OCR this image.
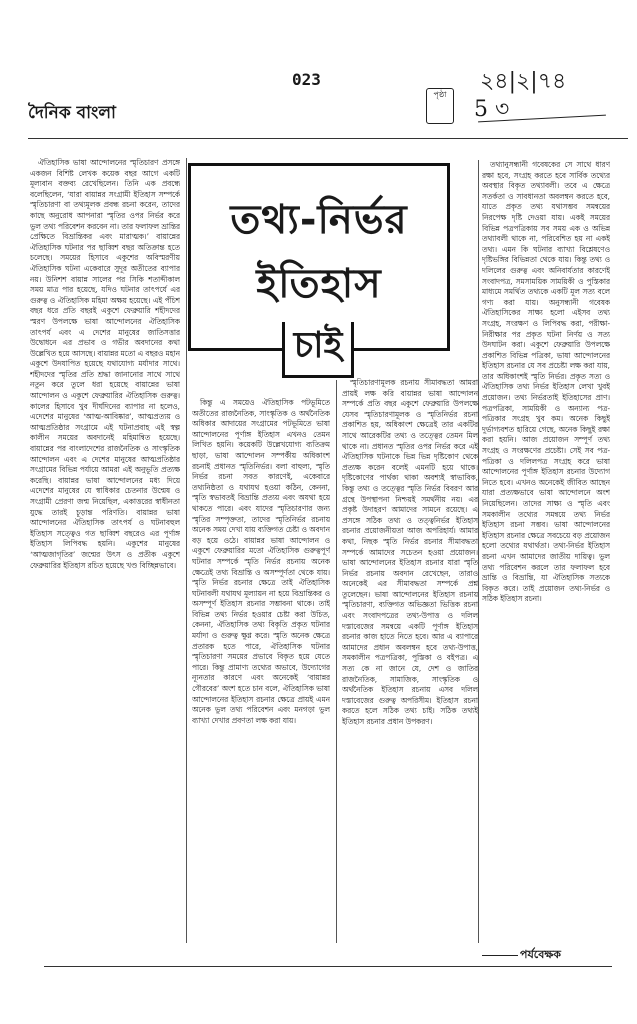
দৈনিক বাংলা
023
পৃষ্ঠা
২৪|২|৭৪
5 ৩

ঐতিহাসিক ভাষা আন্দোলনের স্মৃতিচারণ প্রসঙ্গে একজন বিশিষ্ট লেখক কয়েক বছর আগে একটি মূল্যবান বক্তব্য রেখেছিলেন। তিনি এক প্রবন্ধে বলেছিলেন, ‘যারা বায়ান্নর সংগ্রামী ইতিহাস সম্পর্কে স্মৃতিচারণা বা তথ্যমূলক প্রবন্ধ রচনা করেন, তাদের কাছে অনুরোধ আপনারা স্মৃতির ওপর নির্ভর করে ভুল তথ্য পরিবেশন করবেন না। তার ফলাফল ভ্রান্তির প্রেক্ষিতে বিভ্রান্তিকর এবং মারাত্মক।’ বায়ান্নের ঐতিহাসিক ঘটনার পর ছাব্বিশ বছর অতিক্রান্ত হতে চলেছে। সময়ের হিসাবে একুশের অবিস্মরণীয় ঐতিহাসিক ঘটনা একেবারে সুদূর অতীতের ব্যাপার নয়। উনিশশ বায়ান্ন সালের পর সিকি শতাব্দীকাল সময় মাত্র পার হয়েছে, যদিও ঘটনার তাৎপর্যে এর গুরুত্ব ও ঐতিহাসিক মহিমা অক্ষয় হয়েছে। এই পঁচিশ বছর ধরে প্রতি বছরই একুশে ফেব্রুয়ারি শহীদদের স্মরণ উপলক্ষে ভাষা আন্দোলনের ঐতিহাসিক তাৎপর্য এবং এ দেশের মানুষের জাতিসত্তার উদ্বোধনে এর প্রভাব ও গভীর অবদানের কথা উল্লেখিত হয়ে আসছে। বায়ান্নর মতো এ বছরও মহান একুশে উদযাপিত হয়েছে যথাযোগ্য মর্যাদার সাথে। শহীদদের স্মৃতির প্রতি শ্রদ্ধা জানানোর সাথে সাথে নতুন করে তুলে ধরা হয়েছে বায়ান্নের ভাষা আন্দোলন ও একুশে ফেব্রুয়ারির ঐতিহাসিক গুরুত্ব। কালের হিসাবে খুব দীর্ঘদিনের ব্যাপার না হলেও, এদেশের মানুষের ‘আত্ম-আবিষ্কার’, আত্মপ্রত্যয় ও আত্মপ্রতিষ্ঠার সংগ্রামে এই ঘটনাপ্রবাহ এই স্বল্প কালীন সময়ের অবদানেই মহিমান্বিত হয়েছে। বায়ান্নের পর বাংলাদেশের রাজনৈতিক ও সাংস্কৃতিক আন্দোলন এবং এ দেশের মানুষের আত্মপ্রতিষ্ঠার সংগ্রামের বিভিন্ন পর্যায়ে আমরা এই অনুভূতি প্রত্যক্ষ করেছি। বায়ান্নর ভাষা আন্দোলনের মধ্য দিয়ে এদেশের মানুষের যে স্বাধিকার চেতনার উন্মেষ ও সংগ্রামী প্রেরণা জন্ম নিয়েছিল, একাত্তরের স্বাধীনতা যুদ্ধে তারই চূড়ান্ত পরিণতি। বায়ান্নর ভাষা আন্দোলনের ঐতিহাসিক তাৎপর্য ও ঘটনাবহুল ইতিহাস সত্ত্বেও গত ছাব্বিশ বছরেও এর পূর্ণাঙ্গ ইতিহাস লিপিবদ্ধ হয়নি। একুশের মানুষের ‘আত্মজাগৃতির’ জন্মের উৎস ও প্রতীক একুশে ফেব্রুয়ারির ইতিহাস রচিত হয়েছে খণ্ড বিচ্ছিন্নভাবে।

কিন্তু এ সময়েও ঐতিহাসিক পটভূমিতে অতীতের রাজনৈতিক, সাংস্কৃতিক ও অর্থনৈতিক অধিকার আদায়ের সংগ্রামের পটভূমিতে ভাষা আন্দোলনের পূর্ণাঙ্গ ইতিহাস এখনও তেমন লিখিত হয়নি। কয়েকটি উল্লেখযোগ্য ব্যতিক্রম ছাড়া, ভাষা আন্দোলন সম্পর্কীয় অধিকাংশ রচনাই প্রধানত স্মৃতিনির্ভর। বলা বাহুল্য, স্মৃতি নির্ভর রচনা সবত কারণেই, একেবারে তথ্যনিষ্ঠতা ও যথাযথ হওয়া কঠিন, কেননা, স্মৃতি স্বভাবতই বিভ্রান্তি প্রত্যয় এবং অযথা হয়ে থাকতে পারে। এবং যাদের স্মৃতিচারণার জন্য স্মৃতির সম্পৃক্ততা, তাদের স্মৃতিনির্ভর রচনায় অনেক সময় দেখা যায় ব্যক্তিগত চেষ্টা ও অবদান বড় হয়ে ওঠে। বায়ান্নর ভাষা আন্দোলন ও একুশে ফেব্রুয়ারির মতো ঐতিহাসিক গুরুত্বপূর্ণ ঘটনার সম্পর্কে স্মৃতি নির্ভর রচনায় অনেক ক্ষেত্রেই তথ্য বিভ্রান্তি ও অসম্পূর্ণতা থেকে যায়। স্মৃতি নির্ভর রচনার ক্ষেত্রে তাই ঐতিহাসিক ঘটনাবলী যথাযথ মূল্যায়ন না হয়ে বিভ্রান্তিকর ও অসম্পূর্ণ ইতিহাস রচনার সম্ভাবনা থাকে। তাই বিভিন্ন তথ্য নির্ভর হওয়ার চেষ্টা করা উচিত, কেননা, ঐতিহাসিক তথ্য বিকৃতি প্রকৃত ঘটনার মর্যাদা ও গুরুত্ব ক্ষুণ্ণ করে। স্মৃতি অনেক ক্ষেত্রে প্রতারক হতে পারে, ঐতিহাসিক ঘটনার স্মৃতিচারণা সময়ের প্রভাবে বিকৃত হয়ে যেতে পারে। কিন্তু প্রামাণ্য তথ্যের অভাবে, উদ্যোগের ন্যূনতার কারণে এবং অনেকেই ‘বায়ান্নর গৌরবের’ অংশ হতে চান বলে, ঐতিহাসিক ভাষা আন্দোলনের ইতিহাস রচনার ক্ষেত্রে প্রায়ই এমন অনেক ভুল তথ্য পরিবেশন এবং মনগড়া ভুল ব্যাখ্যা দেখার প্রবণতা লক্ষ করা যায়।

স্মৃতিচারণামূলক রচনায় সীমাবদ্ধতা আমরা প্রায়ই লক্ষ করি বায়ান্নর ভাষা আন্দোলন সম্পর্কে প্রতি বছর একুশে ফেব্রুয়ারি উপলক্ষে যেসব স্মৃতিচারণামূলক ও স্মৃতিনির্ভর রচনা প্রকাশিত হয়, অধিকাংশ ক্ষেত্রেই তার একটির সাথে আরেকটির তথ্য ও তত্ত্বের তেমন মিল থাকে না। প্রধানত স্মৃতির ওপর নির্ভর করে এই ঐতিহাসিক ঘটনাকে ভিন্ন ভিন্ন দৃষ্টিকোণ থেকে প্রত্যক্ষ করেন বলেই এমনটি হয়ে থাকে। দৃষ্টিকোণের পার্থক্য থাকা অবশ্যই স্বাভাবিক, কিন্তু তথ্য ও তত্ত্বের স্মৃতি নির্ভর বিবরণ আর গ্রন্থে উপস্থাপনা নিশ্চয়ই সমর্থনীয় নয়। এর প্রকৃষ্ট উদাহরণ আমাদের সামনে রয়েছে। এ প্রসঙ্গে সঠিক তথ্য ও তত্ত্বনির্ভর ইতিহাস রচনার প্রয়োজনীয়তা আজ অপরিহার্য। আমার কথা, নিছক স্মৃতি নির্ভর রচনার সীমাবদ্ধতা সম্পর্কে আমাদের সচেতন হওয়া প্রয়োজন। ভাষা আন্দোলনের ইতিহাস রচনার যারা স্মৃতি নির্ভর রচনায় অবদান রেখেছেন, তারাও অনেকেই এর সীমাবদ্ধতা সম্পর্কে প্রশ্ন তুলেছেন। ভাষা আন্দোলনের ইতিহাস রচনায় স্মৃতিচারণা, ব্যক্তিগত অভিজ্ঞতা ভিত্তিক রচনা এবং সংবাদপত্রের তথ্য-উপাত্ত ও দলিল দস্তাবেজের সমন্বয়ে একটি পূর্ণাঙ্গ ইতিহাস রচনার কাজ হাতে নিতে হবে। আর এ ব্যাপারে আমাদের প্রধান অবলম্বন হবে তথ্য-উপাত্ত, সমকালীন পত্রপত্রিকা, পুস্তিকা ও বইপত্র। এ সত্য কে না জানে যে, দেশ ও জাতির রাজনৈতিক, সামাজিক, সাংস্কৃতিক ও অর্থনৈতিক ইতিহাস রচনায় এসব দলিল দস্তাবেজের গুরুত্ব অপরিসীম। ইতিহাস রচনা করতে হলে সঠিক তথ্য চাই। সঠিক তথ্যই ইতিহাস রচনার প্রধান উপকরণ।

তথ্যানুসন্ধানী গবেষকের সে সাথে ধারণ রক্ষা হবে, সংগ্রহ করতে হবে সার্বিক তথ্যের অবস্থার বিকৃত তথ্যাবলী। তবে এ ক্ষেত্রে সতর্কতা ও সাবধানতা অবলম্বন করতে হবে, যাতে প্রকৃত তথ্য যথাসম্ভব সমন্বয়ের নিরপেক্ষ দৃষ্টি দেওয়া যায়। একই সময়ের বিভিন্ন পত্রপত্রিকায় সব সময় এক ও অভিন্ন তথ্যাবলী থাকে না, পরিবেশিত হয় না একই তথ্য। এমন কি ঘটনার ব্যাখ্যা বিশ্লেষণেও দৃষ্টিভঙ্গির বিভিন্নতা থেকে যায়। কিন্তু তথ্য ও দলিলের গুরুত্ব এবং অনিবার্যতার কারণেই সংবাদপত্র, সমসাময়িক সাময়িকী ও পুস্তিকার মাধ্যমে সমর্থিত তথ্যকে একটি মূল সত্য বলে গণ্য করা যায়। অনুসন্ধানী গবেষক ঐতিহাসিকের সাক্ষ্য হলো এইসব তথ্য সংগ্রহ, সংরক্ষণ ও লিপিবদ্ধ করা, পরীক্ষা-নিরীক্ষার পর প্রকৃত ঘটনা নির্ণয় ও সত্য উদঘাটন করা। একুশে ফেব্রুয়ারি উপলক্ষে প্রকাশিত বিভিন্ন পত্রিকা, ভাষা আন্দোলনের ইতিহাস রচনার যে সব প্রচেষ্টা লক্ষ করা যায়, তার অধিকাংশই স্মৃতি নির্ভর। প্রকৃত সত্য ও ঐতিহাসিক তথ্য নির্ভর ইতিহাস লেখা খুবই প্রয়োজন। তথ্য নির্ভরতাই ইতিহাসের প্রাণ। পত্রপত্রিকা, সাময়িকী ও অন্যান্য পত্র-পত্রিকার সংগ্রহ খুব কম। অনেক কিছুই দুর্ভাগ্যবশত হারিয়ে গেছে, অনেক কিছুই রক্ষা করা হয়নি। আজ প্রয়োজন সম্পূর্ণ তথ্য সংগ্রহ ও সংরক্ষণের প্রচেষ্টা। সেই সব পত্র-পত্রিকা ও দলিলপত্র সংগ্রহ করে ভাষা আন্দোলনের পূর্ণাঙ্গ ইতিহাস রচনার উদ্যোগ নিতে হবে। এখনও অনেকেই জীবিত আছেন যারা প্রত্যক্ষভাবে ভাষা আন্দোলনে অংশ নিয়েছিলেন। তাদের সাক্ষ্য ও স্মৃতি এবং সমকালীন তথ্যের সমন্বয়ে তথ্য নির্ভর ইতিহাস রচনা সম্ভব। ভাষা আন্দোলনের ইতিহাস রচনার ক্ষেত্রে সবচেয়ে বড় প্রয়োজন হলো তথ্যের যথার্থতা। তথ্য-নির্ভর ইতিহাস রচনা এখন আমাদের জাতীয় দায়িত্ব। ভুল তথ্য পরিবেশন করলে তার ফলাফল হবে ভ্রান্তি ও বিভ্রান্তি, যা ঐতিহাসিক সত্যকে বিকৃত করে। তাই প্রয়োজন তথ্য-নির্ভর ও সঠিক ইতিহাস রচনা।

তথ্য-নির্ভর
ইতিহাস
চাই
পর্যবেক্ষক
